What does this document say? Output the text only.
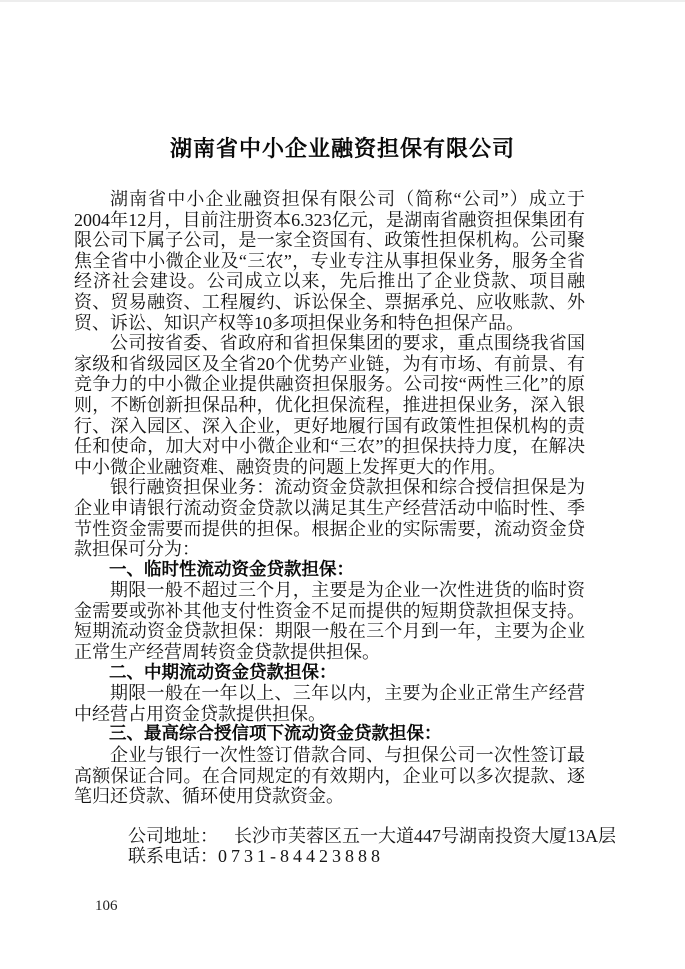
湖南省中小企业融资担保有限公司

湖南省中小企业融资担保有限公司（简称“公司”）成立于2004年12月，目前注册资本6.323亿元，是湖南省融资担保集团有限公司下属子公司，是一家全资国有、政策性担保机构。公司聚焦全省中小微企业及“三农”，专业专注从事担保业务，服务全省经济社会建设。公司成立以来，先后推出了企业贷款、项目融资、贸易融资、工程履约、诉讼保全、票据承兑、应收账款、外贸、诉讼、知识产权等10多项担保业务和特色担保产品。

公司按省委、省政府和省担保集团的要求，重点围绕我省国家级和省级园区及全省20个优势产业链，为有市场、有前景、有竞争力的中小微企业提供融资担保服务。公司按“两性三化”的原则，不断创新担保品种，优化担保流程，推进担保业务，深入银行、深入园区、深入企业，更好地履行国有政策性担保机构的责任和使命，加大对中小微企业和“三农”的担保扶持力度，在解决中小微企业融资难、融资贵的问题上发挥更大的作用。

银行融资担保业务：流动资金贷款担保和综合授信担保是为企业申请银行流动资金贷款以满足其生产经营活动中临时性、季节性资金需要而提供的担保。根据企业的实际需要，流动资金贷款担保可分为：

一、临时性流动资金贷款担保：

期限一般不超过三个月，主要是为企业一次性进货的临时资金需要或弥补其他支付性资金不足而提供的短期贷款担保支持。短期流动资金贷款担保：期限一般在三个月到一年，主要为企业正常生产经营周转资金贷款提供担保。

二、中期流动资金贷款担保：

期限一般在一年以上、三年以内，主要为企业正常生产经营中经营占用资金贷款提供担保。

三、最高综合授信项下流动资金贷款担保：

企业与银行一次性签订借款合同、与担保公司一次性签订最高额保证合同。在合同规定的有效期内，企业可以多次提款、逐笔归还贷款、循环使用贷款资金。

公司地址： 长沙市芙蓉区五一大道447号湖南投资大厦13A层

联系电话：0731-84423888

106
